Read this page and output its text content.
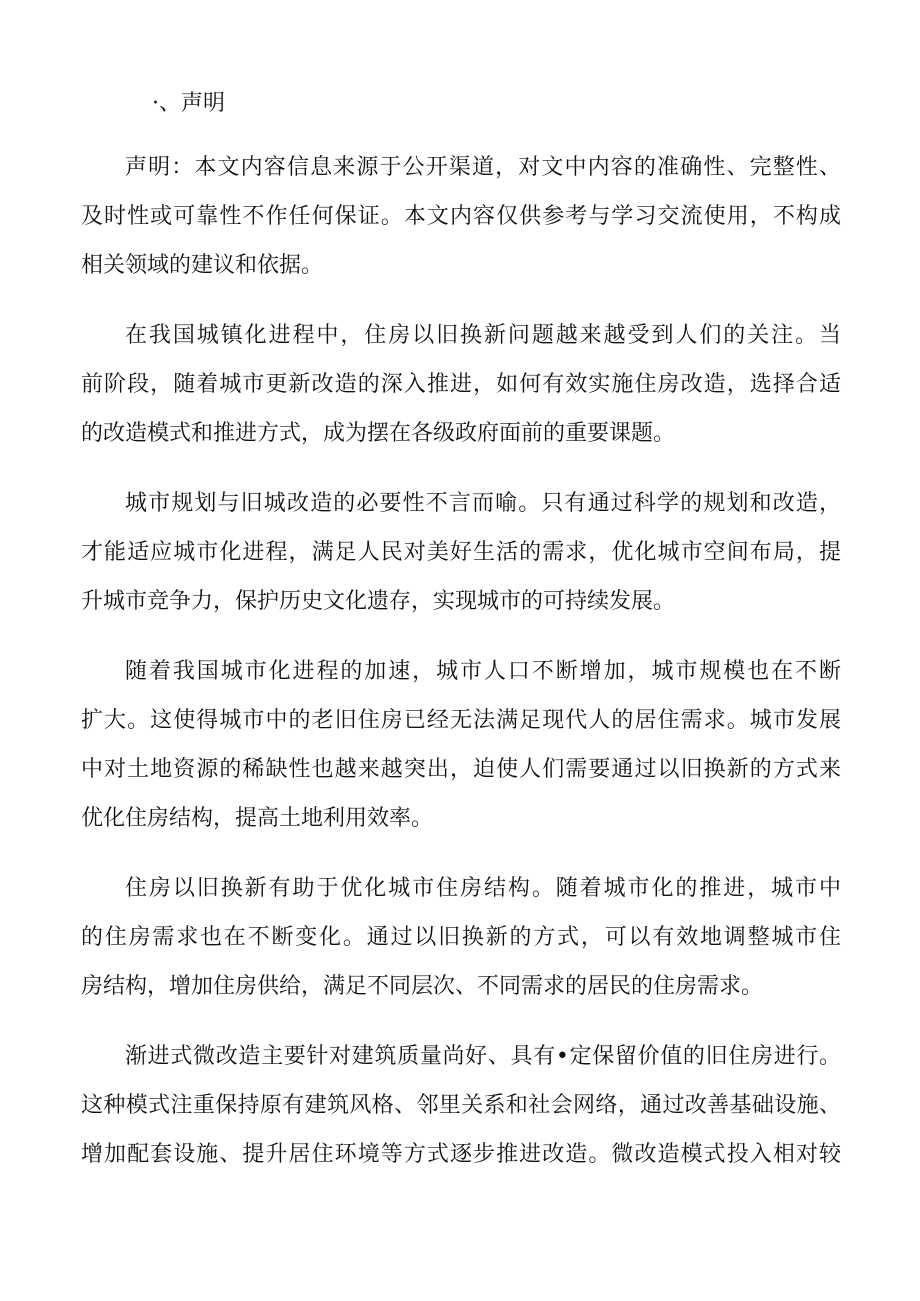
·、声明
声明：本文内容信息来源于公开渠道，对文中内容的准确性、完整性、
及时性或可靠性不作任何保证。本文内容仅供参考与学习交流使用，不构成
相关领域的建议和依据。
在我国城镇化进程中，住房以旧换新问题越来越受到人们的关注。当
前阶段，随着城市更新改造的深入推进，如何有效实施住房改造，选择合适
的改造模式和推进方式，成为摆在各级政府面前的重要课题。
城市规划与旧城改造的必要性不言而喻。只有通过科学的规划和改造，
才能适应城市化进程，满足人民对美好生活的需求，优化城市空间布局，提
升城市竞争力，保护历史文化遗存，实现城市的可持续发展。
随着我国城市化进程的加速，城市人口不断增加，城市规模也在不断
扩大。这使得城市中的老旧住房已经无法满足现代人的居住需求。城市发展
中对土地资源的稀缺性也越来越突出，迫使人们需要通过以旧换新的方式来
优化住房结构，提高土地利用效率。
住房以旧换新有助于优化城市住房结构。随着城市化的推进，城市中
的住房需求也在不断变化。通过以旧换新的方式，可以有效地调整城市住
房结构，增加住房供给，满足不同层次、不同需求的居民的住房需求。
渐进式微改造主要针对建筑质量尚好、具有•定保留价值的旧住房进行。
这种模式注重保持原有建筑风格、邻里关系和社会网络，通过改善基础设施、
增加配套设施、提升居住环境等方式逐步推进改造。微改造模式投入相对较
